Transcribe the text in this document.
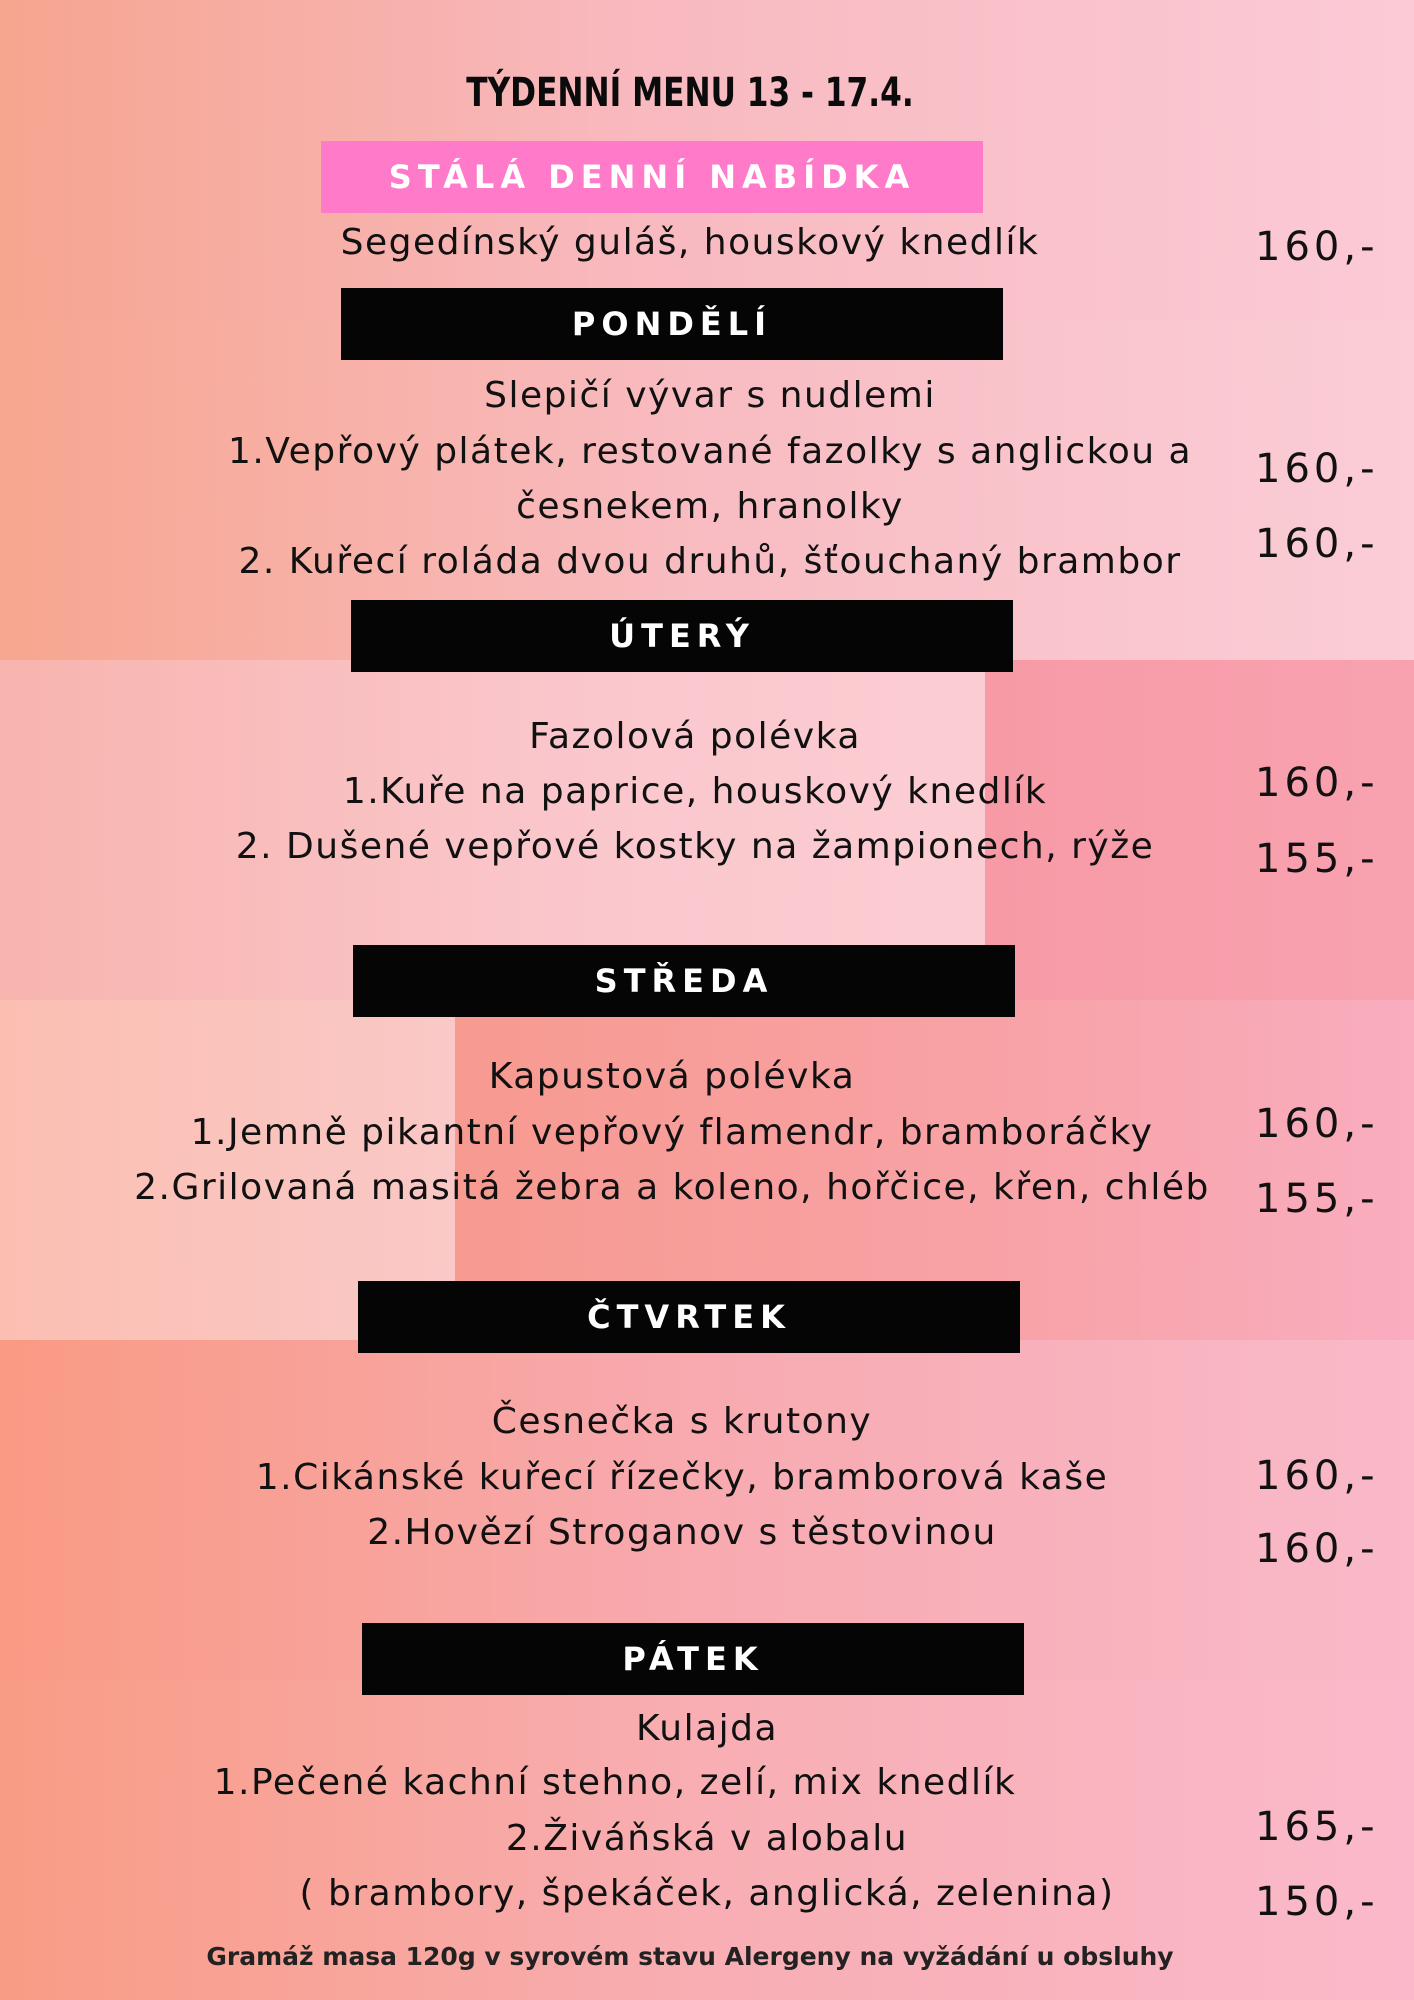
TÝDENNÍ MENU 13 - 17.4.
STÁLÁ DENNÍ NABÍDKA
Segedínský guláš, houskový knedlík	160,-
PONDĚLÍ
Slepičí vývar s nudlemi
1.Vepřový plátek, restované fazolky s anglickou a
česnekem, hranolky
2. Kuřecí roláda dvou druhů, šťouchaný brambor
160,-
160,-
ÚTERÝ
Fazolová polévka
1.Kuře na paprice, houskový knedlík
2. Dušené vepřové kostky na žampionech, rýže
160,-
155,-
STŘEDA
Kapustová polévka
1.Jemně pikantní vepřový flamendr, bramboráčky
2.Grilovaná masitá žebra a koleno, hořčice, křen, chléb
160,-
155,-
ČTVRTEK
Česnečka s krutony
1.Cikánské kuřecí řízečky, bramborová kaše
2.Hovězí Stroganov s těstovinou
160,-
160,-
PÁTEK
Kulajda
1.Pečené kachní stehno, zelí, mix knedlík
2.Živáňská v alobalu
( brambory, špekáček, anglická, zelenina)
165,-
150,-
Gramáž masa 120g v syrovém stavu Alergeny na vyžádání u obsluhy
